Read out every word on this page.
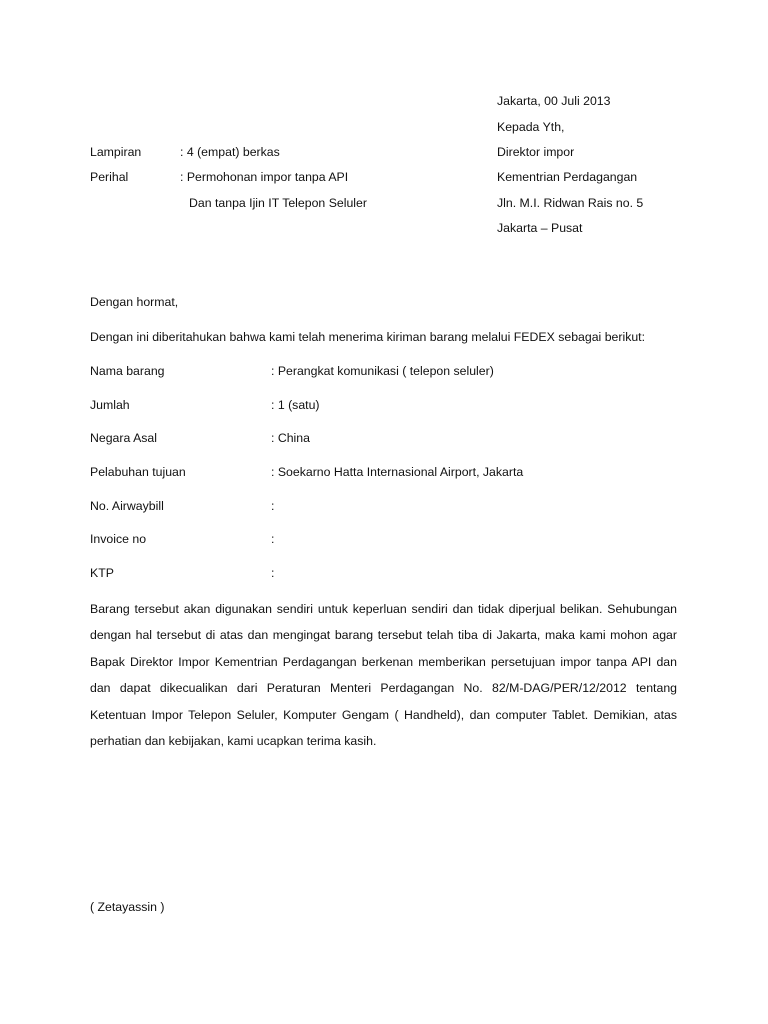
Jakarta, 00 Juli 2013
Kepada Yth,
Direktor impor
Kementrian Perdagangan
Jln. M.I. Ridwan Rais no. 5
Jakarta – Pusat
Lampiran	: 4 (empat) berkas
Perihal	: Permohonan impor tanpa API
Dan tanpa Ijin IT Telepon Seluler
Dengan hormat,
Dengan ini diberitahukan bahwa kami telah menerima kiriman barang melalui FEDEX sebagai berikut:
Nama barang	: Perangkat komunikasi ( telepon seluler)
Jumlah	: 1 (satu)
Negara Asal	: China
Pelabuhan tujuan	: Soekarno Hatta Internasional Airport, Jakarta
No. Airwaybill	:
Invoice no	:
KTP	:

Barang tersebut akan digunakan sendiri untuk keperluan sendiri dan tidak diperjual belikan. Sehubungan dengan hal tersebut di atas dan mengingat barang tersebut telah tiba di Jakarta, maka kami mohon agar Bapak Direktor Impor Kementrian Perdagangan berkenan memberikan persetujuan impor tanpa API dan dan dapat dikecualikan dari Peraturan Menteri Perdagangan No. 82/M-DAG/PER/12/2012 tentang Ketentuan Impor Telepon Seluler, Komputer Gengam ( Handheld), dan computer Tablet. Demikian, atas perhatian dan kebijakan, kami ucapkan terima kasih.

( Zetayassin )
